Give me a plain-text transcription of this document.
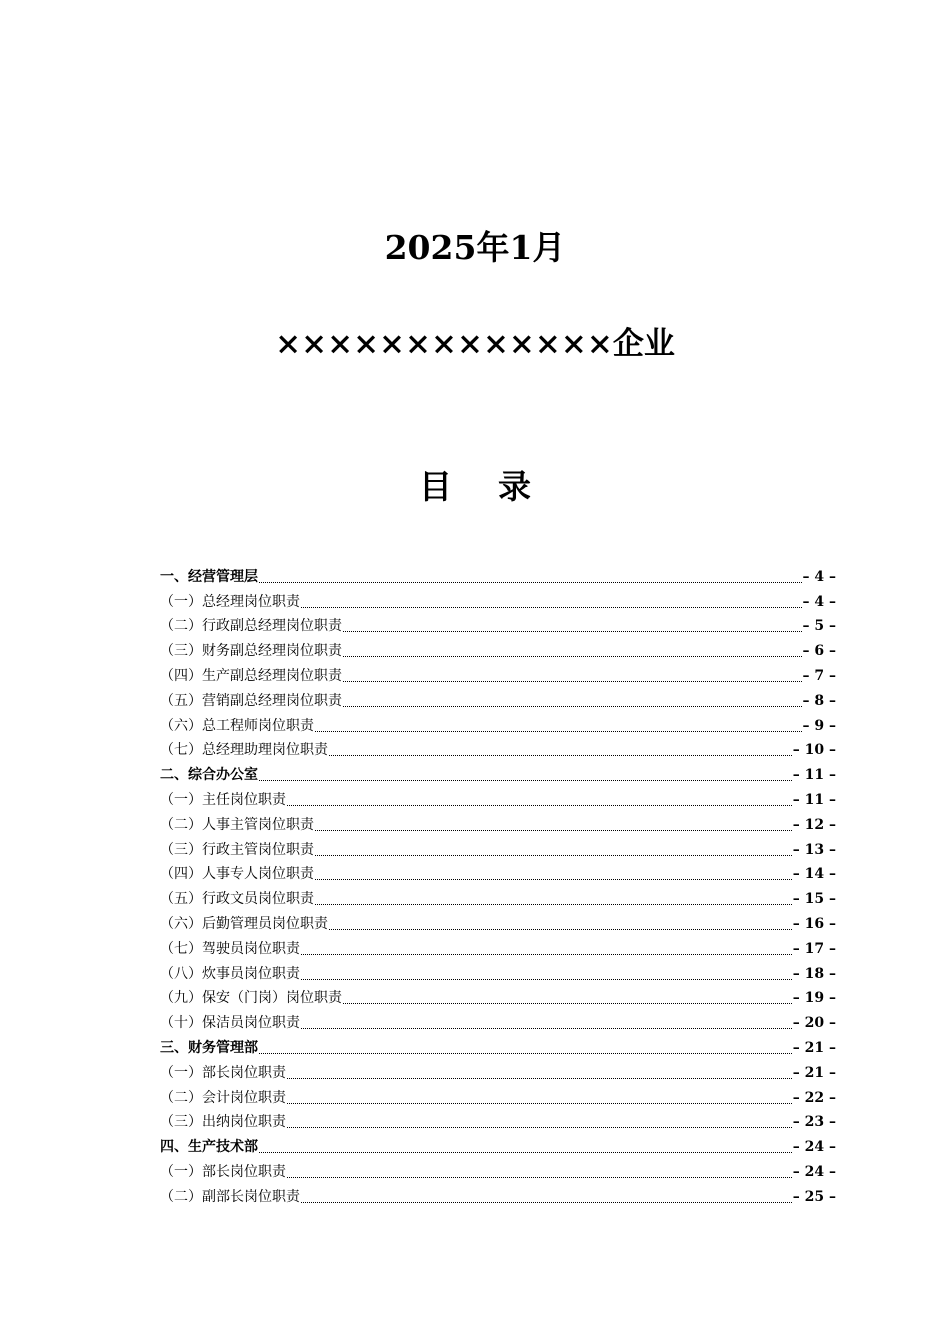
2025年1月
×××××××××××××企业
目    录
一、经营管理层	– 4 –
（一）总经理岗位职责	– 4 –
（二）行政副总经理岗位职责	– 5 –
（三）财务副总经理岗位职责	– 6 –
（四）生产副总经理岗位职责	– 7 –
（五）营销副总经理岗位职责	– 8 –
（六）总工程师岗位职责	– 9 –
（七）总经理助理岗位职责	– 10 –
二、综合办公室	– 11 –
（一）主任岗位职责	– 11 –
（二）人事主管岗位职责	– 12 –
（三）行政主管岗位职责	– 13 –
（四）人事专人岗位职责	– 14 –
（五）行政文员岗位职责	– 15 –
（六）后勤管理员岗位职责	– 16 –
（七）驾驶员岗位职责	– 17 –
（八）炊事员岗位职责	– 18 –
（九）保安（门岗）岗位职责	– 19 –
（十）保洁员岗位职责	– 20 –
三、财务管理部	– 21 –
（一）部长岗位职责	– 21 –
（二）会计岗位职责	– 22 –
（三）出纳岗位职责	– 23 –
四、生产技术部	– 24 –
（一）部长岗位职责	– 24 –
（二）副部长岗位职责	– 25 –
